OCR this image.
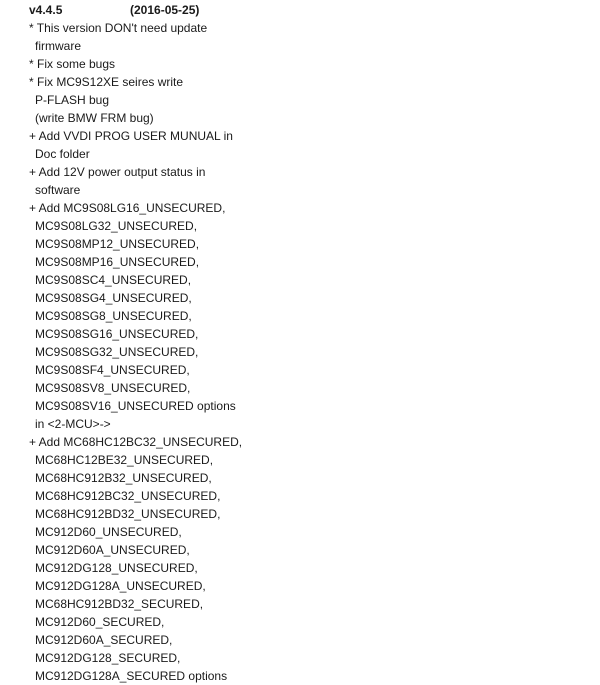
v4.4.5	(2016-05-25)
* This version DON't need update
firmware
* Fix some bugs
* Fix MC9S12XE seires write
P-FLASH bug
(write BMW FRM bug)
+ Add VVDI PROG USER MUNUAL in
Doc folder
+ Add 12V power output status in
software
+ Add MC9S08LG16_UNSECURED,
MC9S08LG32_UNSECURED,
MC9S08MP12_UNSECURED,
MC9S08MP16_UNSECURED,
MC9S08SC4_UNSECURED,
MC9S08SG4_UNSECURED,
MC9S08SG8_UNSECURED,
MC9S08SG16_UNSECURED,
MC9S08SG32_UNSECURED,
MC9S08SF4_UNSECURED,
MC9S08SV8_UNSECURED,
MC9S08SV16_UNSECURED options
in <2-MCU>->
+ Add MC68HC12BC32_UNSECURED,
MC68HC12BE32_UNSECURED,
MC68HC912B32_UNSECURED,
MC68HC912BC32_UNSECURED,
MC68HC912BD32_UNSECURED,
MC912D60_UNSECURED,
MC912D60A_UNSECURED,
MC912DG128_UNSECURED,
MC912DG128A_UNSECURED,
MC68HC912BD32_SECURED,
MC912D60_SECURED,
MC912D60A_SECURED,
MC912DG128_SECURED,
MC912DG128A_SECURED options
